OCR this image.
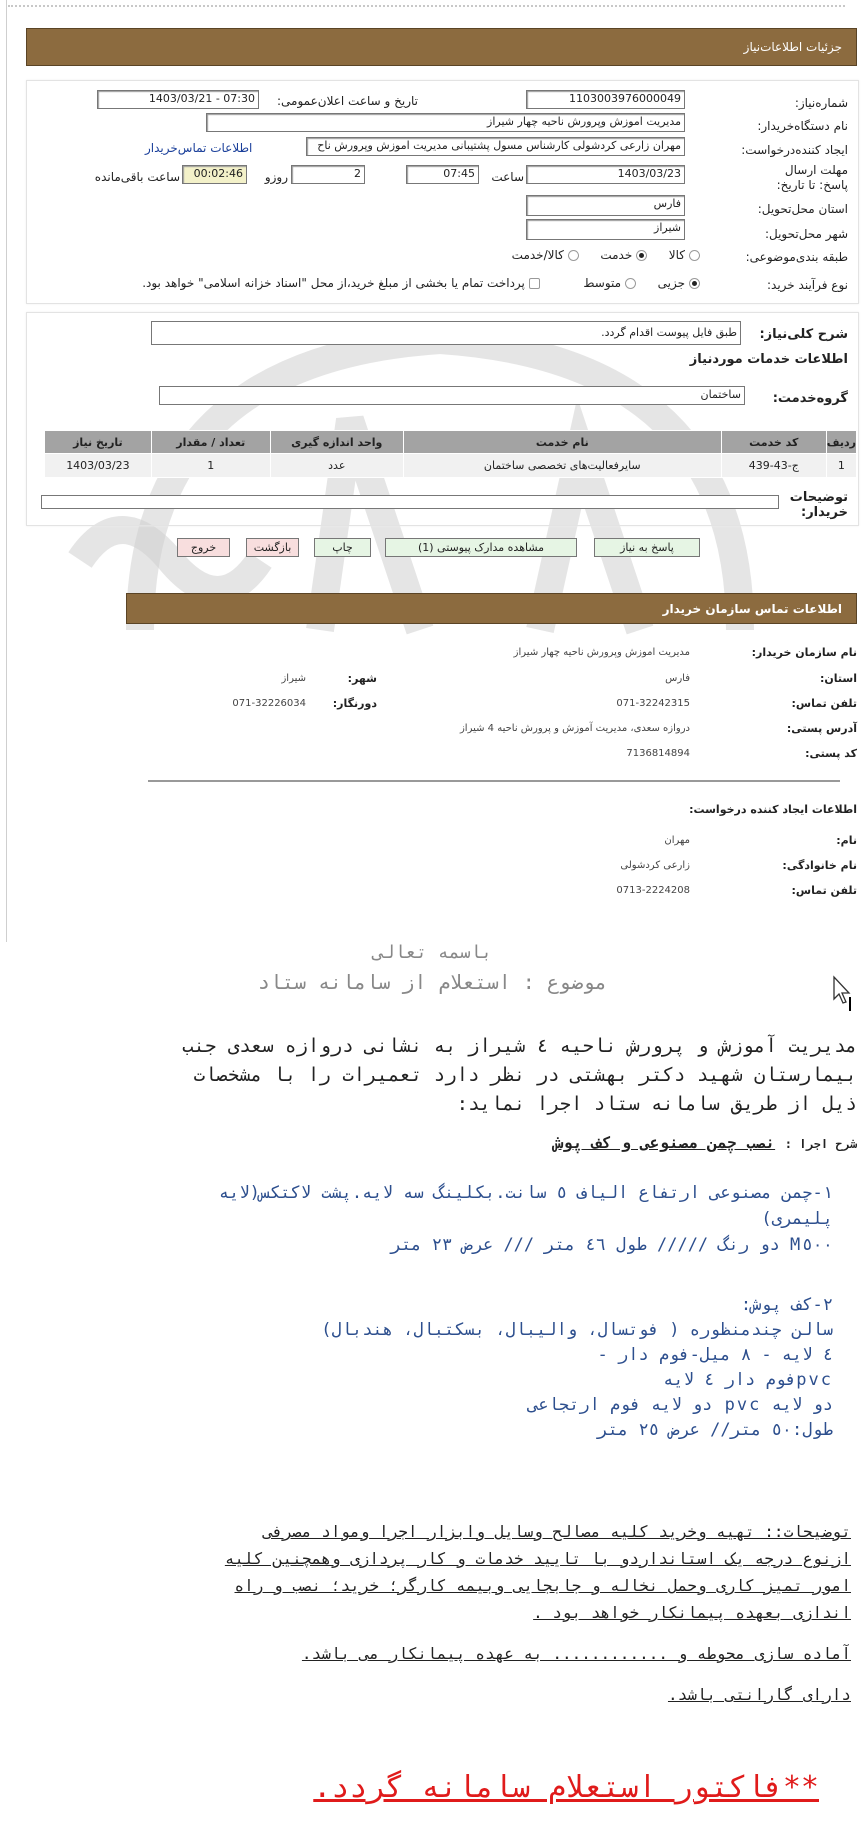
جزئیات اطلاعات‌نیاز
شماره‌نیاز:
1103003976000049
تاریخ و ساعت اعلان‌عمومی:
1403/03/21 - 07:30
نام دستگاه‌خریدار:
مدیریت اموزش وپرورش ناحیه چهار شیراز
ایجاد کننده‌درخواست:
مهران زارعی کردشولی کارشناس مسول پشتیبانی مدیریت اموزش وپرورش ناح
اطلاعات تماس‌خریدار
مهلت ارسال پاسخ: تا تاریخ:
1403/03/23
ساعت
07:45
2
روزو
00:02:46
ساعت باقی‌مانده
استان محل‌تحویل:
فارس
شهر محل‌تحویل:
شیراز
طبقه بندی‌موضوعی:
کالا خدمت کالا/خدمت
نوع فرآیند خرید:
جزیی متوسط پرداخت تمام یا بخشی از مبلغ خرید،از محل "اسناد خزانه اسلامی" خواهد بود.
شرح کلی‌نیاز:
طبق فایل پیوست اقدام گردد.
اطلاعات خدمات موردنیاز
گروه‌خدمت:
ساختمان
ردیف	کد خدمت	نام خدمت	واحد اندازه گیری	تعداد / مقدار	تاریخ نیاز
1	ج-43-439	سایرفعالیت‌های تخصصی ساختمان	عدد	1	1403/03/23
توضیحات خریدار:
پاسخ به نیاز
مشاهده مدارک پیوستی (1)
چاپ
بازگشت
خروج
اطلاعات تماس سازمان خریدار
نام سازمان خریدار:
مدیریت اموزش وپرورش ناحیه چهار شیراز
استان:
فارس
شهر:
شیراز
تلفن تماس:
071-32242315
دورنگار:
071-32226034
آدرس پستی:
دروازه سعدی، مدیریت آموزش و پرورش ناحیه 4 شیراز
کد پستی:
7136814894
اطلاعات ایجاد کننده درخواست:
نام:
مهران
نام خانوادگی:
زارعی کردشولی
تلفن تماس:
0713-2224208
باسمه تعالی
موضوع : استعلام از سامانه ستاد
مدیریت آموزش و پرورش ناحیه ٤ شیراز به نشانی دروازه سعدی جنب
بیمارستان شهید دکتر بهشتی در نظر دارد تعمیرات را با مشخصات
ذیل از طریق سامانه ستاد اجرا نماید:
شرح اجرا : نصب چمن مصنوعی و کف پوش
۱-چمن مصنوعی ارتفاع الیاف ٥ سانت.بکلینگ سه لایه.پشت لاکتکس(لایه
پلیمری)
M٥٠٠ دو رنگ ///// طول ٤٦ متر /// عرض ٢٣ متر
۲-کف پوش:
سالن چندمنظوره ( فوتسال، والیبال، بسکتبال، هندبال)
٤ لایه - ٨ میل-فوم دار -
pvcفوم دار ٤ لایه
دو لایه pvc دو لایه فوم ارتجاعی
طول:٥٠ متر// عرض ٢٥ متر
توضیحات:: تهیه وخرید کلیه مصالح وسایل وابزار اجرا ومواد مصرفی
ازنوع درجه یک استانداردو با تایید خدمات و کار پردازی وهمچنین کلیه
امور تمیز کاری وحمل نخاله و جابجایی وبیمه کارگر؛ خرید؛ نصب و راه
اندازی بعهده پیمانکار خواهد بود .
آماده سازی محوطه و ............ به عهده پیمانکار می باشد.
دارای گارانتی باشد.
**فاکتور استعلام سامانه گردد.
